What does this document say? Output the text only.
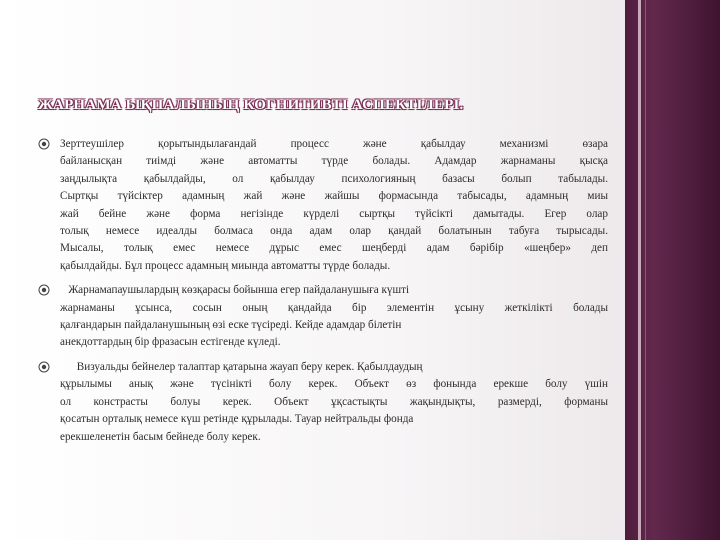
ЖАРНАМА ЫҚПАЛЫНЫҢ КОГНИТИВТІ АСПЕКТІЛЕРІ.

Зерттеушілер қорытындылағандай процесс және қабылдау механизмі өзара
байланысқан тиімді және автоматты түрде болады. Адамдар жарнаманы қысқа
заңдылықта қабылдайды, ол қабылдау психологияның базасы болып табылады.
Сыртқы түйсіктер адамның жай және жайшы формасында табысады, адамның миы
жай бейне және форма негізінде күрделі сыртқы түйсікті дамытады. Егер олар
толық немесе идеалды болмаса онда адам олар қандай болатынын табуға тырысады.
Мысалы, толық емес немесе дұрыс емес шеңберді адам бәрібір «шеңбер» деп
қабылдайды. Бұл процесс адамның миында автоматты түрде болады.

Жарнамапаушылардың көзқарасы бойынша егер пайдаланушыға күшті
жарнаманы ұсынса, сосын оның қандайда бір элементін ұсыну жеткілікті болады
қалғандарын пайдаланушының өзі еске түсіреді. Кейде адамдар білетін
анекдоттардың бір фразасын естігенде күледі.

Визуальды бейнелер талаптар қатарына жауап беру керек. Қабылдаудың
құрылымы анық және түсінікті болу керек. Объект өз фонында ерекше болу үшін
ол констрасты болуы керек. Объект ұқсастықты жақындықты, размерді, форманы
қосатын орталық немесе күш ретінде құрылады. Тауар нейтральды фонда
ерекшеленетін басым бейнеде болу керек.
